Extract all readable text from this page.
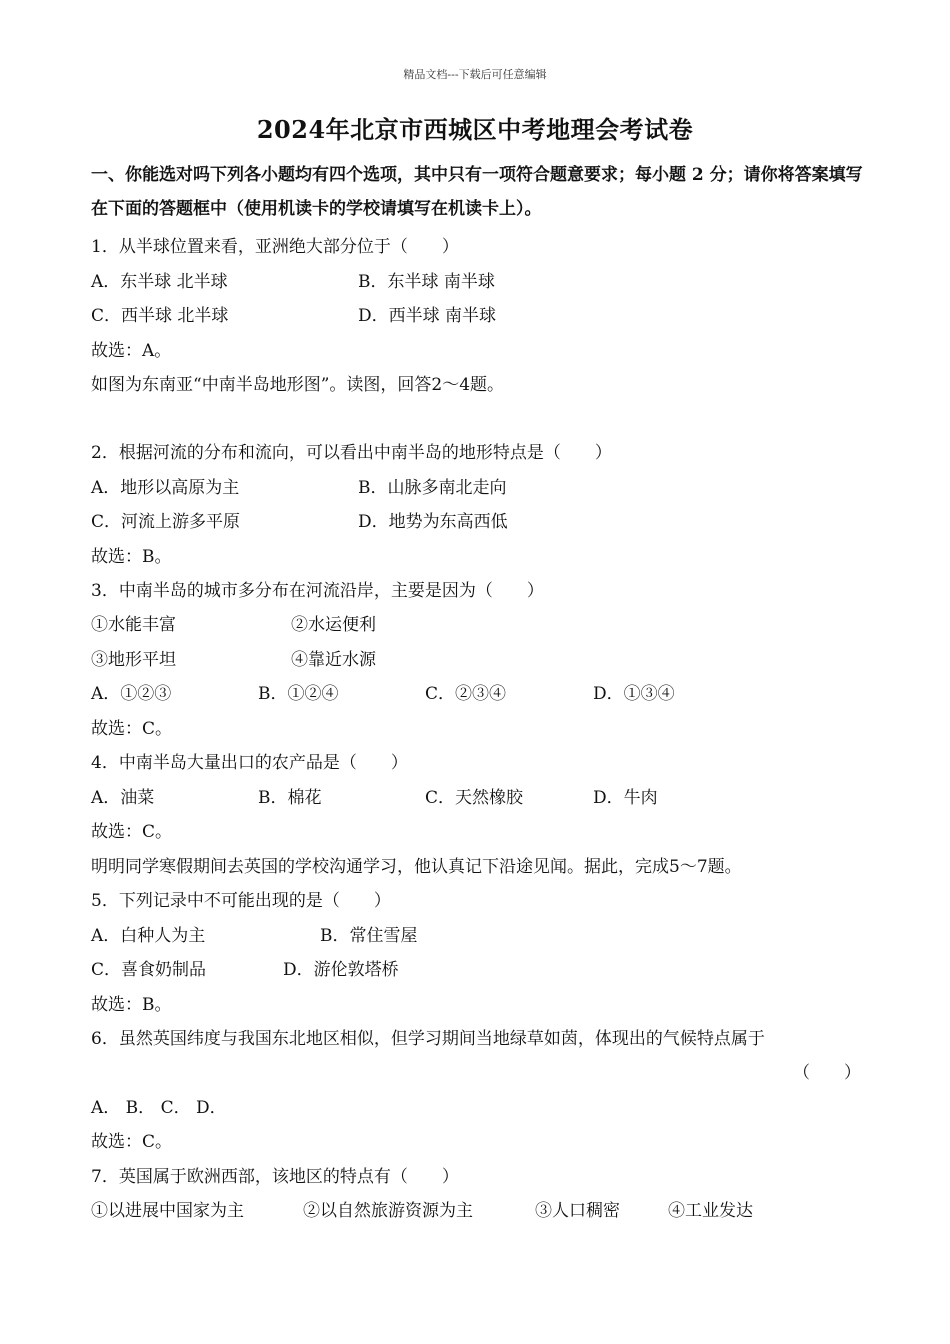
精品文档---下载后可任意编辑
2024年北京市西城区中考地理会考试卷
一、你能选对吗下列各小题均有四个选项，其中只有一项符合题意要求；每小题 2 分；请你将答案填写在下面的答题框中（使用机读卡的学校请填写在机读卡上）。
1．从半球位置来看，亚洲绝大部分位于（　　）
A．东半球 北半球	B．东半球 南半球
C．西半球 北半球	D．西半球 南半球
故选：A。
如图为东南亚“中南半岛地形图”。读图，回答2～4题。
2．根据河流的分布和流向，可以看出中南半岛的地形特点是（　　）
A．地形以高原为主	B．山脉多南北走向
C．河流上游多平原	D．地势为东高西低
故选：B。
3．中南半岛的城市多分布在河流沿岸，主要是因为（　　）
①水能丰富	②水运便利
③地形平坦	④靠近水源
A．①②③	B．①②④	C．②③④	D．①③④
故选：C。
4．中南半岛大量出口的农产品是（　　）
A．油菜	B．棉花	C．天然橡胶	D．牛肉
故选：C。
明明同学寒假期间去英国的学校沟通学习，他认真记下沿途见闻。据此，完成5～7题。
5．下列记录中不可能出现的是（　　）
A．白种人为主	B．常住雪屋
C．喜食奶制品	D．游伦敦塔桥
故选：B。
6．虽然英国纬度与我国东北地区相似，但学习期间当地绿草如茵，体现出的气候特点属于
（　　）
A． B． C． D．
故选：C。
7．英国属于欧洲西部，该地区的特点有（　　）
①以进展中国家为主	②以自然旅游资源为主	③人口稠密	④工业发达
